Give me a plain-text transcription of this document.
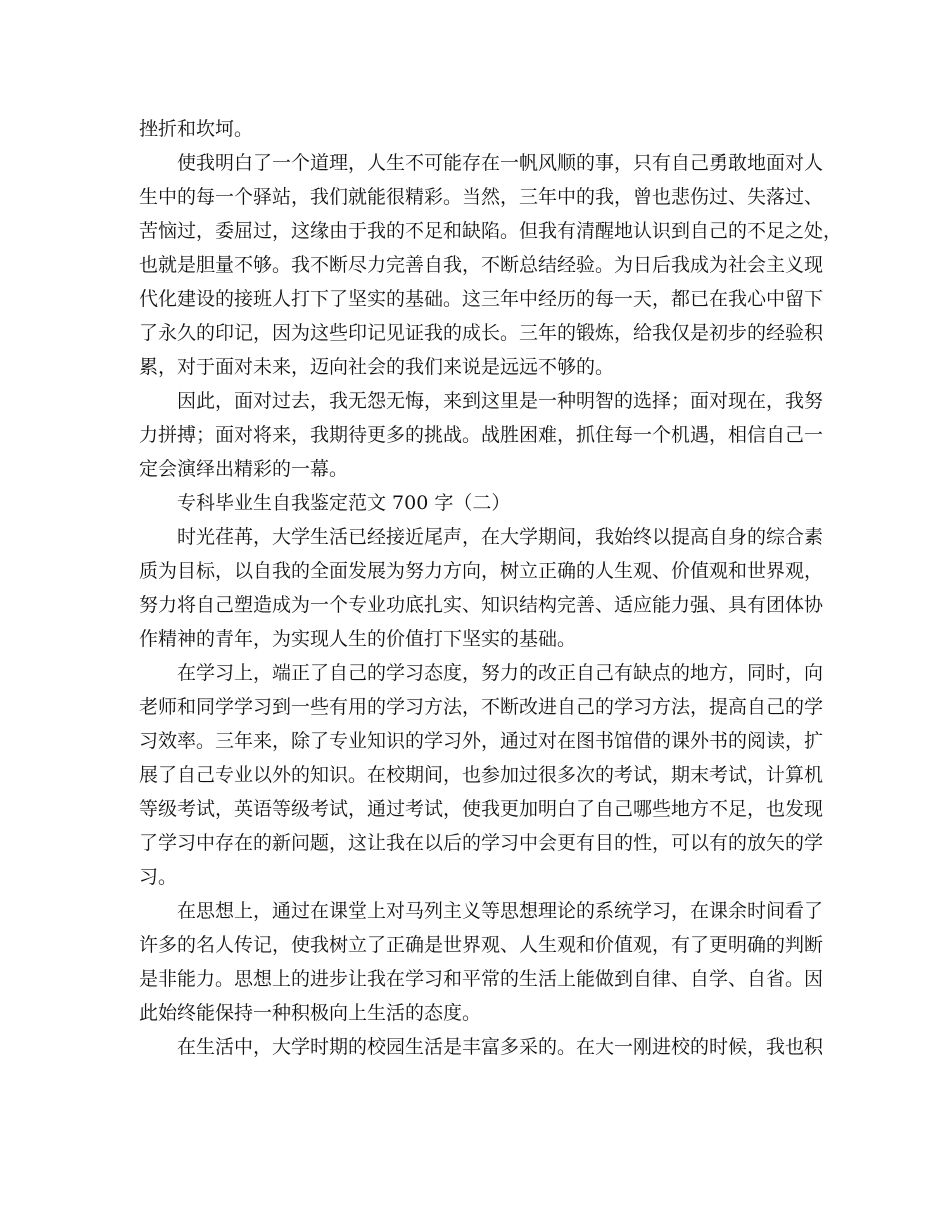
挫折和坎坷。
使我明白了一个道理，人生不可能存在一帆风顺的事，只有自己勇敢地面对人
生中的每一个驿站，我们就能很精彩。当然，三年中的我，曾也悲伤过、失落过、
苦恼过，委屈过，这缘由于我的不足和缺陷。但我有清醒地认识到自己的不足之处，
也就是胆量不够。我不断尽力完善自我，不断总结经验。为日后我成为社会主义现
代化建设的接班人打下了坚实的基础。这三年中经历的每一天，都已在我心中留下
了永久的印记，因为这些印记见证我的成长。三年的锻炼，给我仅是初步的经验积
累，对于面对未来，迈向社会的我们来说是远远不够的。
因此，面对过去，我无怨无悔，来到这里是一种明智的选择；面对现在，我努
力拼搏；面对将来，我期待更多的挑战。战胜困难，抓住每一个机遇，相信自己一
定会演绎出精彩的一幕。
专科毕业生自我鉴定范文 700 字（二）
时光荏苒，大学生活已经接近尾声，在大学期间，我始终以提高自身的综合素
质为目标，以自我的全面发展为努力方向，树立正确的人生观、价值观和世界观，
努力将自己塑造成为一个专业功底扎实、知识结构完善、适应能力强、具有团体协
作精神的青年，为实现人生的价值打下坚实的基础。
在学习上，端正了自己的学习态度，努力的改正自己有缺点的地方，同时，向
老师和同学学习到一些有用的学习方法，不断改进自己的学习方法，提高自己的学
习效率。三年来，除了专业知识的学习外，通过对在图书馆借的课外书的阅读，扩
展了自己专业以外的知识。在校期间，也参加过很多次的考试，期末考试，计算机
等级考试，英语等级考试，通过考试，使我更加明白了自己哪些地方不足，也发现
了学习中存在的新问题，这让我在以后的学习中会更有目的性，可以有的放矢的学
习。
在思想上，通过在课堂上对马列主义等思想理论的系统学习，在课余时间看了
许多的名人传记，使我树立了正确是世界观、人生观和价值观，有了更明确的判断
是非能力。思想上的进步让我在学习和平常的生活上能做到自律、自学、自省。因
此始终能保持一种积极向上生活的态度。
在生活中，大学时期的校园生活是丰富多采的。在大一刚进校的时候，我也积
